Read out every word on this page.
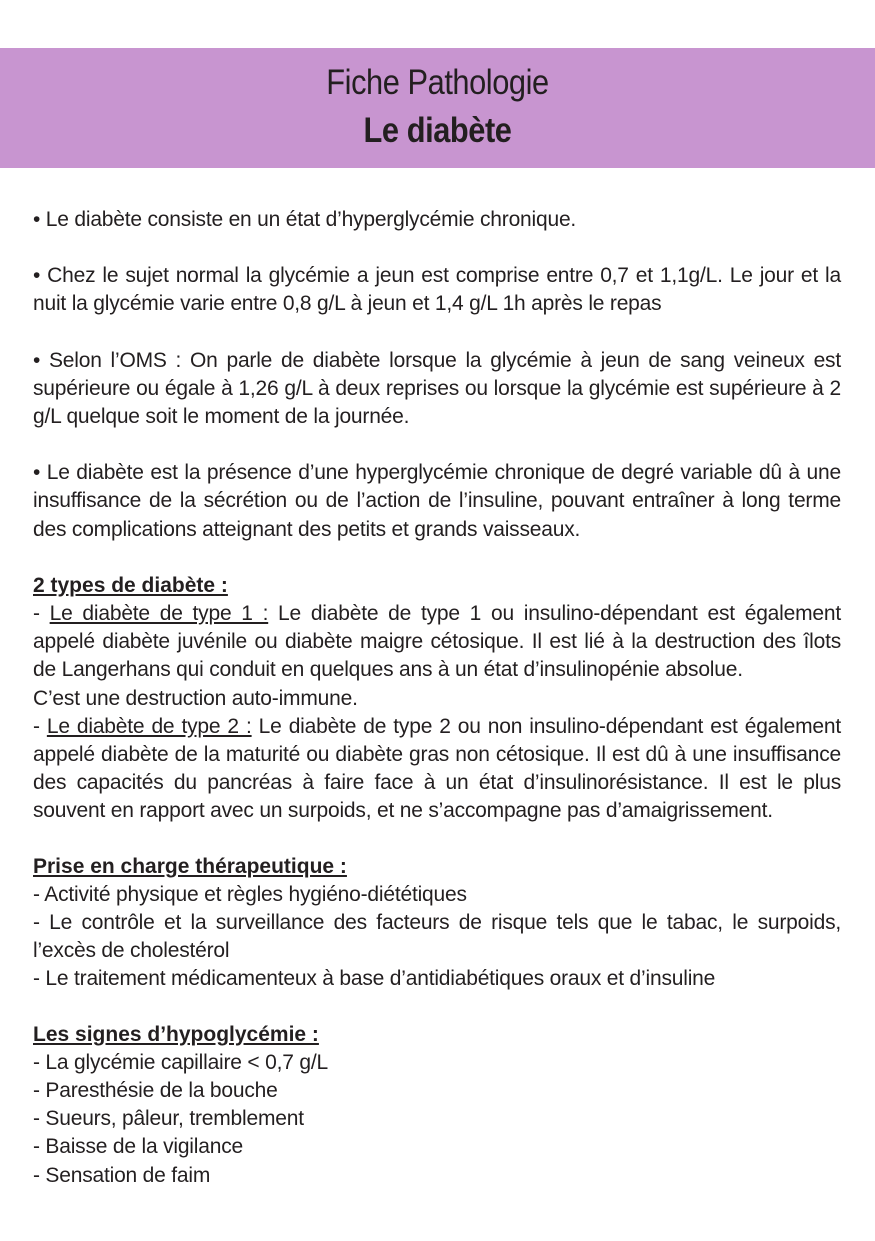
Fiche Pathologie
Le diabète

• Le diabète consiste en un état d’hyperglycémie chronique.

• Chez le sujet normal la glycémie a jeun est comprise entre 0,7 et 1,1g/L. Le jour et la nuit la glycémie varie entre 0,8 g/L à jeun et 1,4 g/L 1h après le repas

• Selon l’OMS : On parle de diabète lorsque la glycémie à jeun de sang veineux est supérieure ou égale à 1,26 g/L à deux reprises ou lorsque la glycémie est supérieure à 2 g/L quelque soit le moment de la journée.

• Le diabète est la présence d’une hyperglycémie chronique de degré variable dû à une insuffisance de la sécrétion ou de l’action de l’insuline, pouvant entraîner à long terme des complications atteignant des petits et grands vaisseaux.

2 types de diabète :

- Le diabète de type 1 : Le diabète de type 1 ou insulino-dépendant est également appelé diabète juvénile ou diabète maigre cétosique. Il est lié à la destruction des îlots de Langerhans qui conduit en quelques ans à un état d’insulinopénie absolue.

C’est une destruction auto-immune.

- Le diabète de type 2 : Le diabète de type 2 ou non insulino-dépendant est également appelé diabète de la maturité ou diabète gras non cétosique. Il est dû à une insuffisance des capacités du pancréas à faire face à un état d’insulinorésistance. Il est le plus souvent en rapport avec un surpoids, et ne s’accompagne pas d’amaigrissement.

Prise en charge thérapeutique :

- Activité physique et règles hygiéno-diététiques

- Le contrôle et la surveillance des facteurs de risque tels que le tabac, le surpoids, l’excès de cholestérol

- Le traitement médicamenteux à base d’antidiabétiques oraux et d’insuline

Les signes d’hypoglycémie :

- La glycémie capillaire < 0,7 g/L

- Paresthésie de la bouche

- Sueurs, pâleur, tremblement

- Baisse de la vigilance

- Sensation de faim
